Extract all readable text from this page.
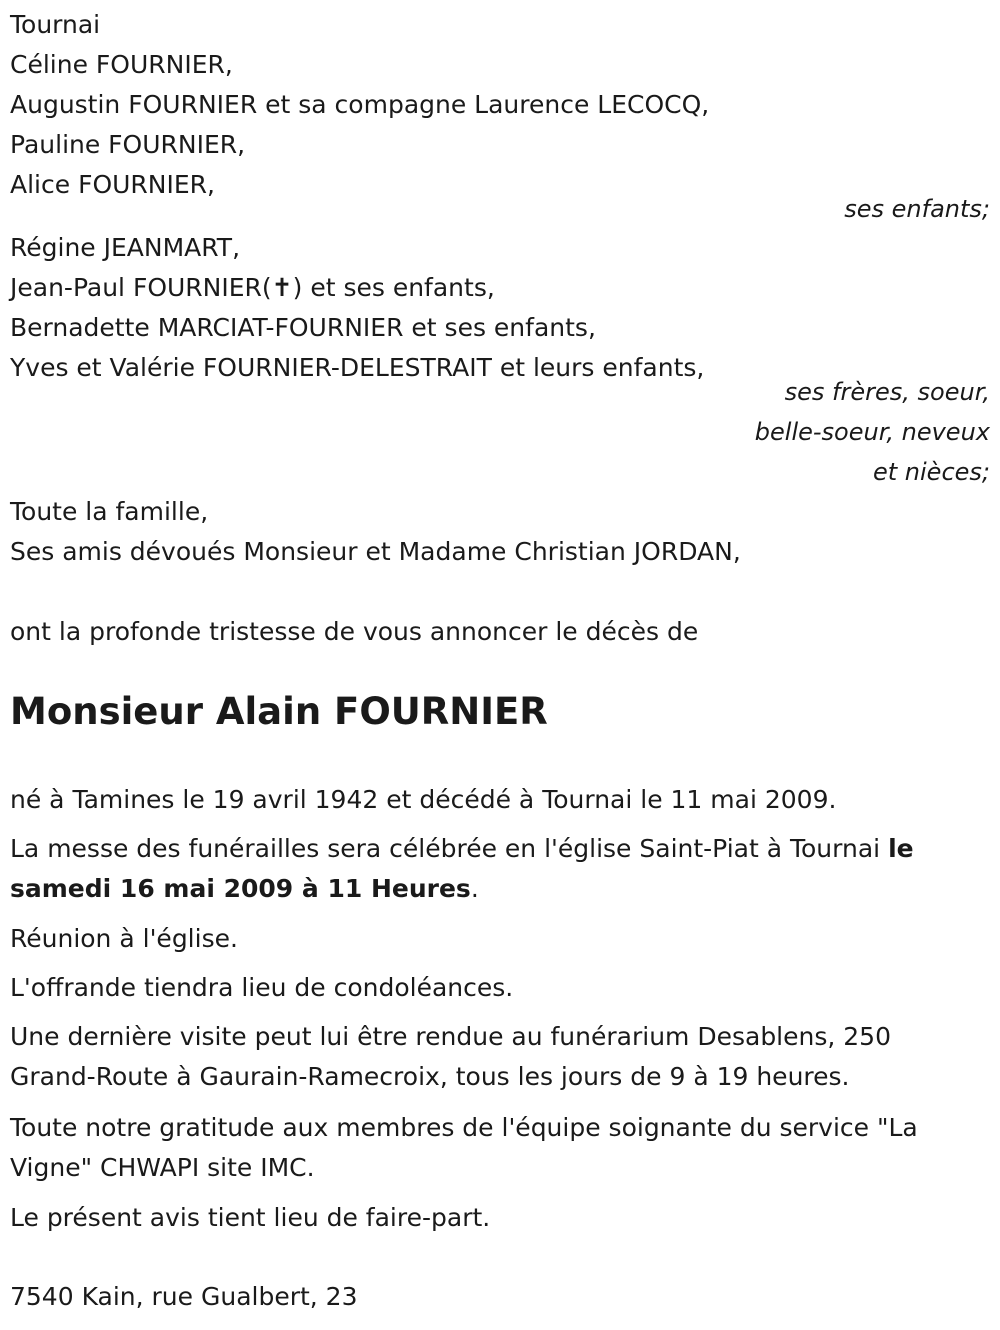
Tournai
Céline FOURNIER,
Augustin FOURNIER et sa compagne Laurence LECOCQ,
Pauline FOURNIER,
Alice FOURNIER,
ses enfants;
Régine JEANMART,
Jean-Paul FOURNIER(✝) et ses enfants,
Bernadette MARCIAT-FOURNIER et ses enfants,
Yves et Valérie FOURNIER-DELESTRAIT et leurs enfants,
ses frères, soeur,
belle-soeur, neveux
et nièces;
Toute la famille,
Ses amis dévoués Monsieur et Madame Christian JORDAN,
ont la profonde tristesse de vous annoncer le décès de
Monsieur Alain FOURNIER
né à Tamines le 19 avril 1942 et décédé à Tournai le 11 mai 2009.
La messe des funérailles sera célébrée en l'église Saint-Piat à Tournai le
samedi 16 mai 2009 à 11 Heures.
Réunion à l'église.
L'offrande tiendra lieu de condoléances.
Une dernière visite peut lui être rendue au funérarium Desablens, 250
Grand-Route à Gaurain-Ramecroix, tous les jours de 9 à 19 heures.
Toute notre gratitude aux membres de l'équipe soignante du service "La
Vigne" CHWAPI site IMC.
Le présent avis tient lieu de faire-part.
7540 Kain, rue Gualbert, 23
